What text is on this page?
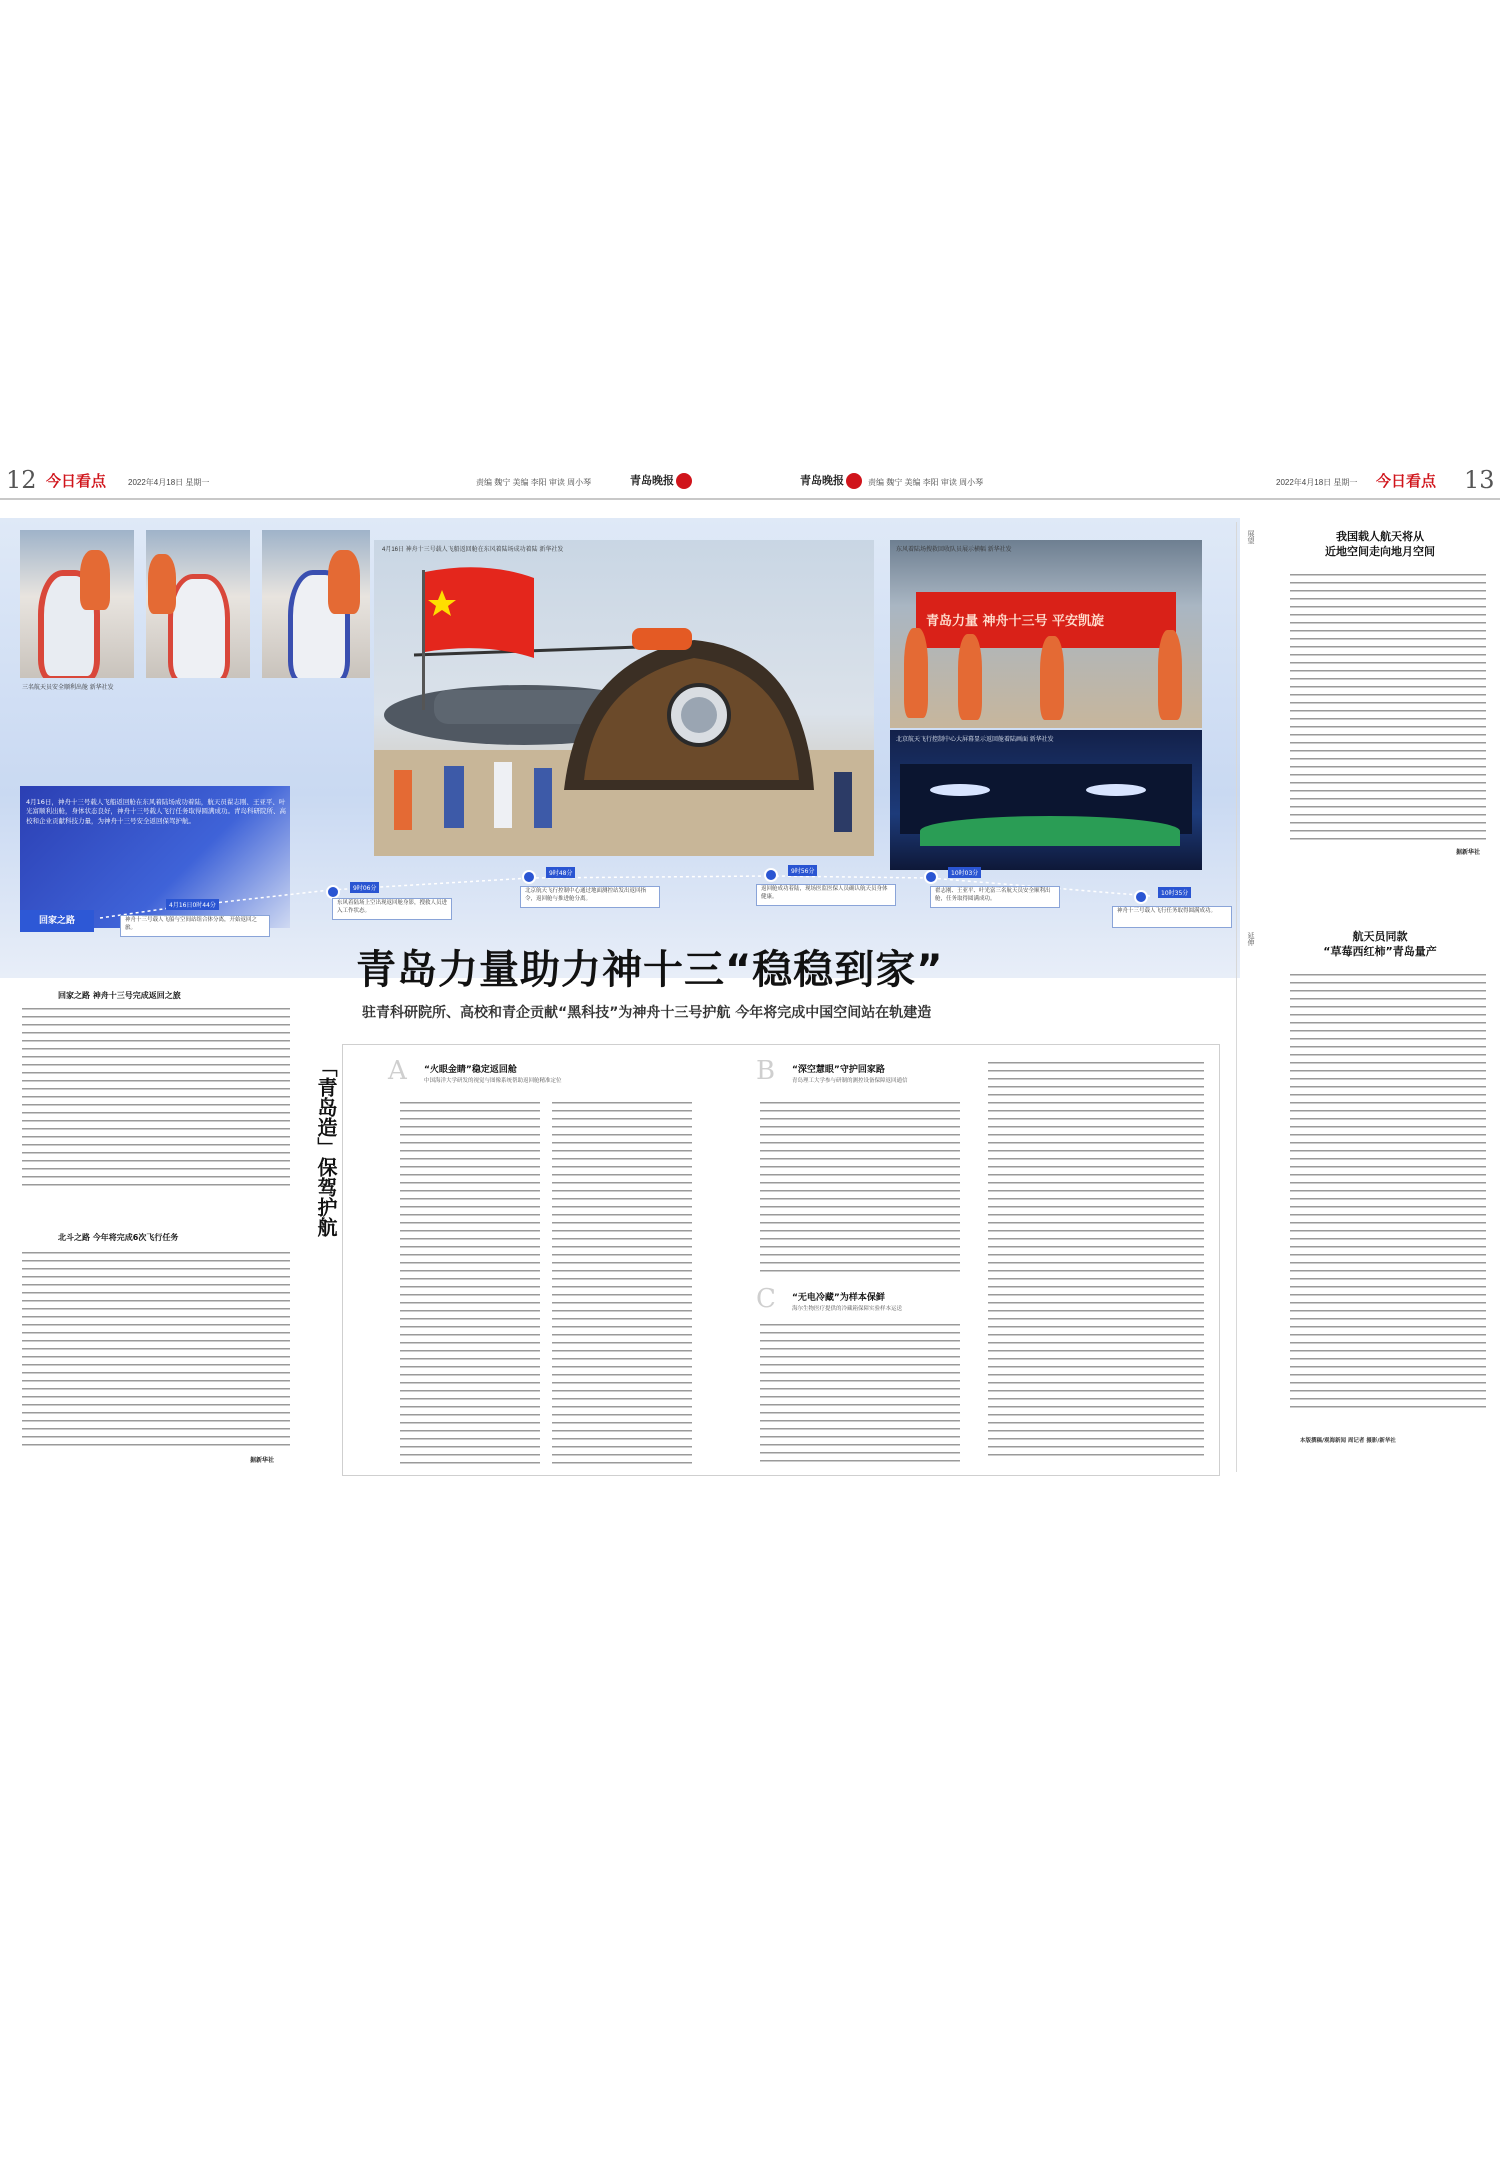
12 今日看点	2022年4月18日 星期一	责编 魏宁 美编 李阳 审读 周小琴	青岛晚报	青岛晚报	责编 魏宁 美编 李阳 审读 周小琴	2022年4月18日 星期一 今日看点 13
三名航天员安全顺利出舱 新华社发
4月16日 神舟十三号载人飞船返回舱在东风着陆场成功着陆 新华社发
青岛力量 神舟十三号 平安凯旋
东风着陆场搜救回收队员展示横幅 新华社发
北京航天飞行控制中心大屏幕显示返回舱着陆画面 新华社发
4月16日，神舟十三号载人飞船返回舱在东风着陆场成功着陆，航天员翟志刚、王亚平、叶光富顺利出舱，身体状态良好，神舟十三号载人飞行任务取得圆满成功。青岛科研院所、高校和企业贡献科技力量，为神舟十三号安全返回保驾护航。
4月16日0时44分
神舟十三号载人飞船与空间站组合体分离，开始返回之旅。
9时06分
东风着陆场上空出现返回舱身影，搜救人员进入工作状态。
9时48分
北京航天飞行控制中心通过地面测控站发出返回指令，返回舱与推进舱分离。
9时56分
返回舱成功着陆，现场医监医保人员确认航天员身体健康。
10时03分
翟志刚、王亚平、叶光富三名航天员安全顺利出舱，任务取得圆满成功。
10时35分
神舟十三号载人飞行任务取得圆满成功。
回家之路
青岛力量助力神十三“稳稳到家”
驻青科研院所、高校和青企贡献“黑科技”为神舟十三号护航 今年将完成中国空间站在轨建造
回家之路 神舟十三号完成返回之旅
北斗之路 今年将完成6次飞行任务
据新华社
「青岛造」保驾护航 A “火眼金睛”稳定返回舱
中国海洋大学研发的视觉与图像系统帮助返回舱精准定位	B “深空慧眼”守护回家路
青岛理工大学参与研制的测控设备保障返回通信
C “无电冷藏”为样本保鲜
海尔生物医疗提供的冷藏箱保障实验样本运送
展望	我国载人航天将从
近地空间走向地月空间
据新华社
延伸	航天员同款
“草莓西红柿”青岛量产
本版撰稿/观海新闻 周记者 摄影/新华社
